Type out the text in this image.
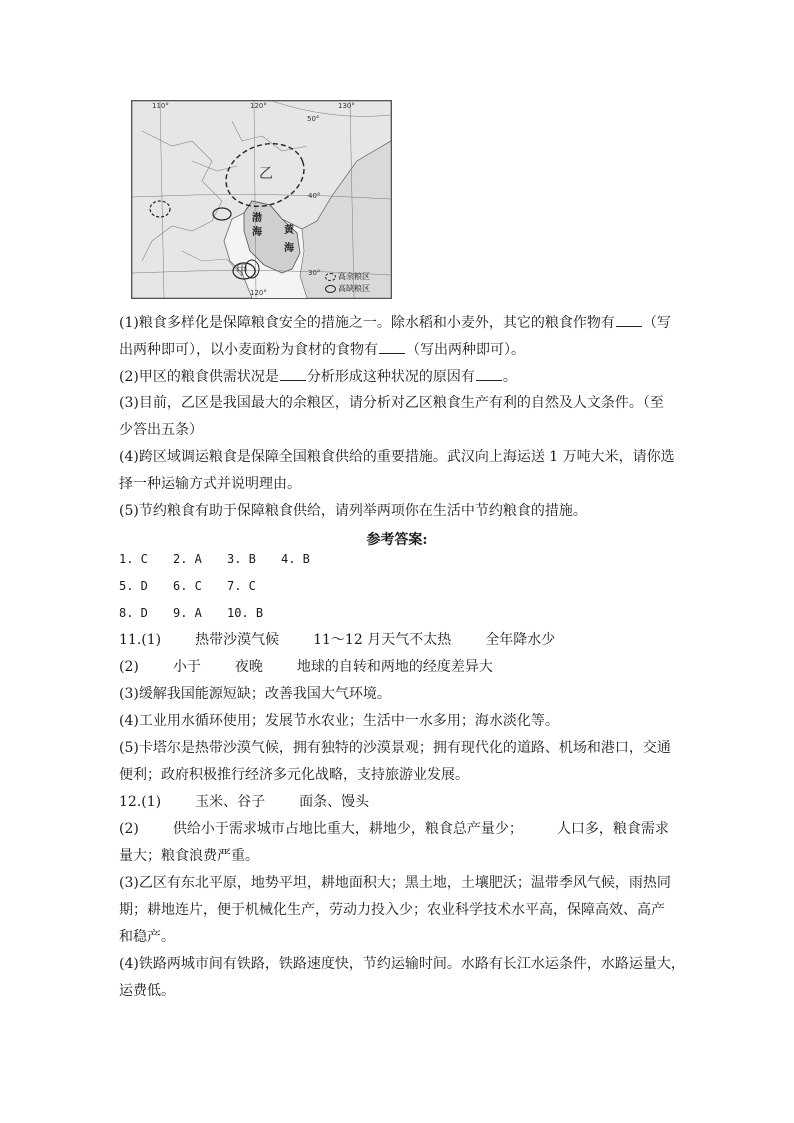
110°	120°	130°
50°
40°
30°
120°
乙
甲
渤
海 黄
海
高余粮区
高缺粮区
(1)粮食多样化是保障粮食安全的措施之一。除水稻和小麦外，其它的粮食作物有 （写
出两种即可），以小麦面粉为食材的食物有 （写出两种即可）。
(2)甲区的粮食供需状况是 分析形成这种状况的原因有 。
(3)目前，乙区是我国最大的余粮区，请分析对乙区粮食生产有利的自然及人文条件。（至
少答出五条）
(4)跨区域调运粮食是保障全国粮食供给的重要措施。武汉向上海运送 1 万吨大米，请你选
择一种运输方式并说明理由。
(5)节约粮食有助于保障粮食供给，请列举两项你在生活中节约粮食的措施。
参考答案:
1. C 2. A 3. B 4. B
5. D 6. C 7. C
8. D 9. A 10. B
11.(1) 热带沙漠气候 11～12 月天气不太热 全年降水少
(2) 小于 夜晚 地球的自转和两地的经度差异大
(3)缓解我国能源短缺；改善我国大气环境。
(4)工业用水循环使用；发展节水农业；生活中一水多用；海水淡化等。
(5)卡塔尔是热带沙漠气候，拥有独特的沙漠景观；拥有现代化的道路、机场和港口，交通
便利；政府积极推行经济多元化战略，支持旅游业发展。
12.(1) 玉米、谷子 面条、馒头
(2) 供给小于需求城市占地比重大，耕地少，粮食总产量少； 人口多，粮食需求
量大；粮食浪费严重。
(3)乙区有东北平原，地势平坦，耕地面积大；黑土地，土壤肥沃；温带季风气候，雨热同
期；耕地连片，便于机械化生产，劳动力投入少；农业科学技术水平高，保障高效、高产
和稳产。
(4)铁路两城市间有铁路，铁路速度快，节约运输时间。水路有长江水运条件，水路运量大，
运费低。
